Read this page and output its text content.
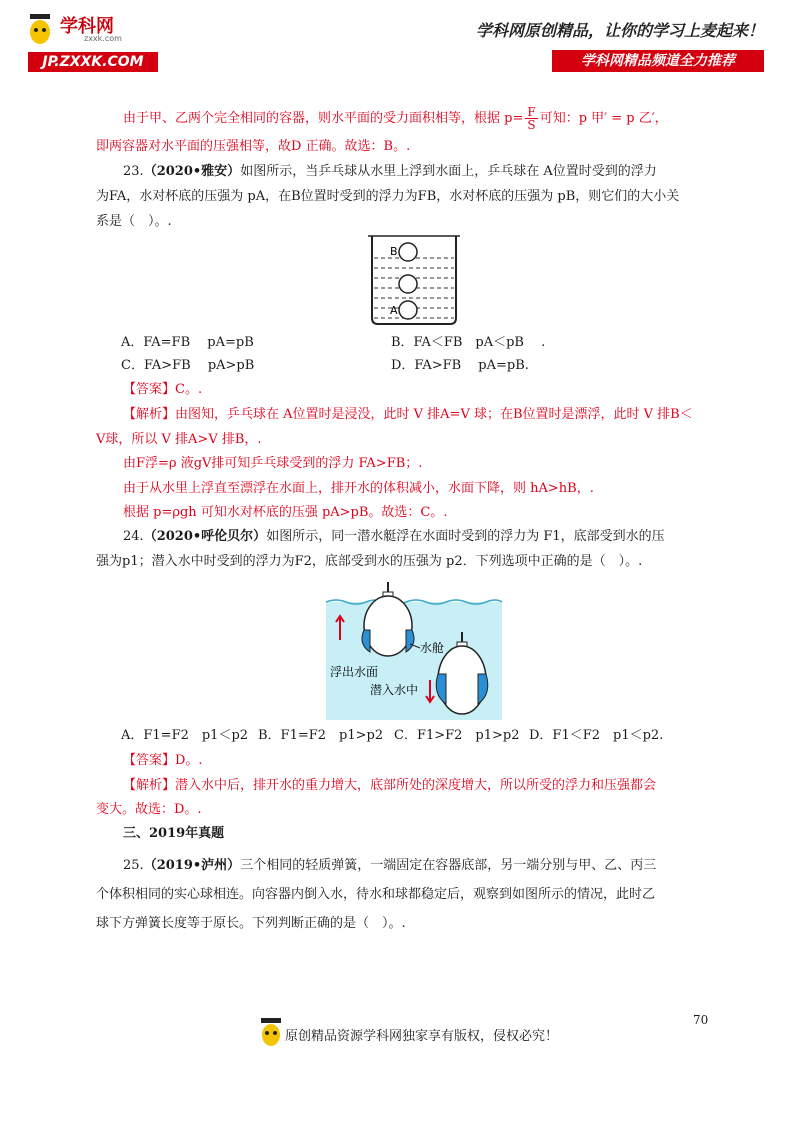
学科网
zxxk.com
JP.ZXXK.COM
学科网原创精品，让你的学习上麦起来！
学科网精品频道全力推荐
由于甲、乙两个完全相同的容器，则水平面的受力面积相等，根据 $p= \frac{F}{S}$ 可知：p 甲′ = p 乙′，
即两容器对水平面的压强相等，故D 正确。故选：B。.
23.（2020•雅安）如图所示，当乒乓球从水里上浮到水面上，乒乓球在 A位置时受到的浮力
为FA，水对杯底的压强为 pA，在B位置时受到的浮力为FB，水对杯底的压强为 pB，则它们的大小关
系是（　）。.
B
A
A．FA=FB　 pA=pB	B．FA＜FB　pA＜pB　 .
C．FA>FB　 pA>pB	D．FA>FB　 pA=pB.
【答案】C。.
【解析】由图知，乒乓球在 A位置时是浸没，此时 V 排A=V 球；在B位置时是漂浮，此时 V 排B＜
V球，所以 V 排A>V 排B，.
由F浮=ρ 液gV排可知乒乓球受到的浮力 FA>FB；.
由于从水里上浮直至漂浮在水面上，排开水的体积减小，水面下降，则 hA>hB，.
根据 p=ρgh 可知水对杯底的压强 pA>pB。故选：C。.
24.（2020•呼伦贝尔）如图所示，同一潜水艇浮在水面时受到的浮力为 F1，底部受到水的压
强为p1；潜入水中时受到的浮力为F2，底部受到水的压强为 p2．下列选项中正确的是（　）。.
水舱
浮出水面
潜入水中
A．F1=F2　p1＜p2 B．F1=F2　p1>p2 C．F1>F2　p1>p2 D．F1＜F2　p1＜p2.
【答案】D。.
【解析】潜入水中后，排开水的重力增大，底部所处的深度增大，所以所受的浮力和压强都会
变大。故选：D。.
三、2019年真题
25.（2019•泸州）三个相同的轻质弹簧，一端固定在容器底部，另一端分别与甲、乙、丙三
个体积相同的实心球相连。向容器内倒入水，待水和球都稳定后，观察到如图所示的情况，此时乙
球下方弹簧长度等于原长。下列判断正确的是（　）。.
70
原创精品资源学科网独家享有版权，侵权必究！
